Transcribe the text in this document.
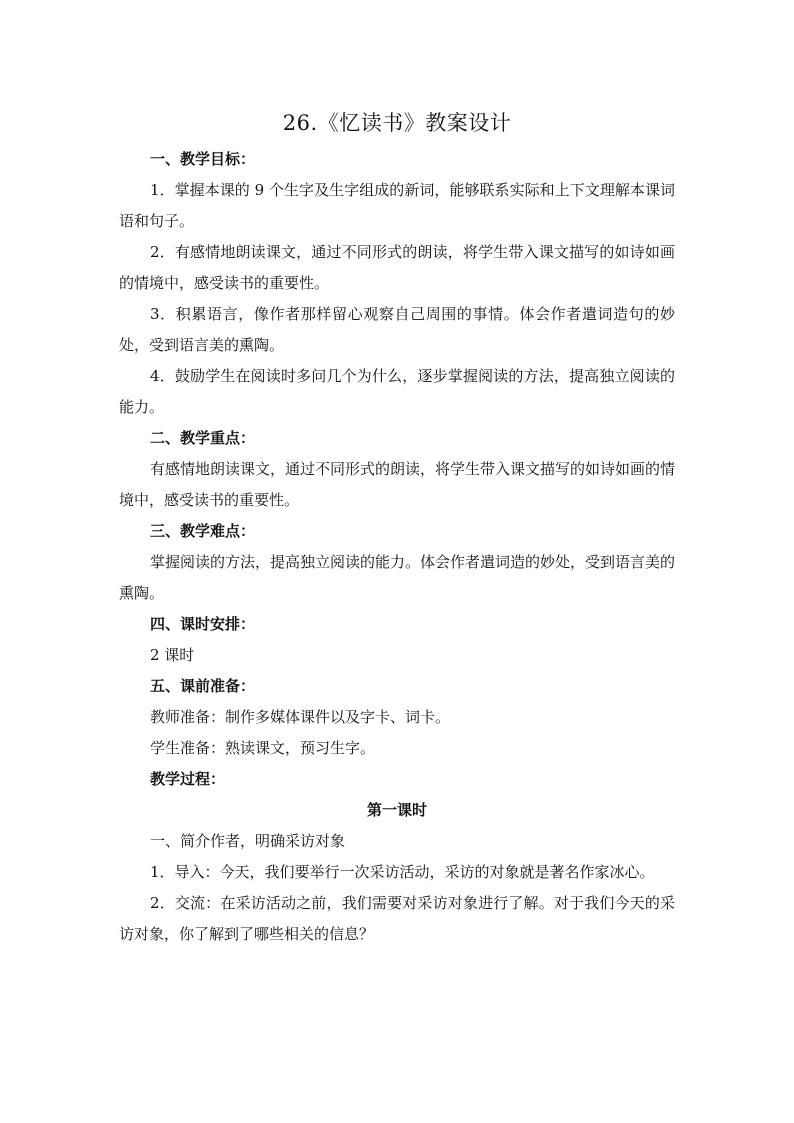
26.《忆读书》教案设计

一、教学目标：

1．掌握本课的 9 个生字及生字组成的新词，能够联系实际和上下文理解本课词语和句子。

2．有感情地朗读课文，通过不同形式的朗读，将学生带入课文描写的如诗如画的情境中，感受读书的重要性。

3．积累语言，像作者那样留心观察自己周围的事情。体会作者遣词造句的妙处，受到语言美的熏陶。

4．鼓励学生在阅读时多问几个为什么，逐步掌握阅读的方法，提高独立阅读的能力。

二、教学重点：

有感情地朗读课文，通过不同形式的朗读，将学生带入课文描写的如诗如画的情境中，感受读书的重要性。

三、教学难点：

掌握阅读的方法，提高独立阅读的能力。体会作者遣词造的妙处，受到语言美的熏陶。

四、课时安排：

2 课时

五、课前准备：

教师准备：制作多媒体课件以及字卡、词卡。

学生准备：熟读课文，预习生字。

教学过程：

第一课时

一、简介作者，明确采访对象

1．导入：今天，我们要举行一次采访活动，采访的对象就是著名作家冰心。

2．交流：在采访活动之前，我们需要对采访对象进行了解。对于我们今天的采访对象，你了解到了哪些相关的信息？
